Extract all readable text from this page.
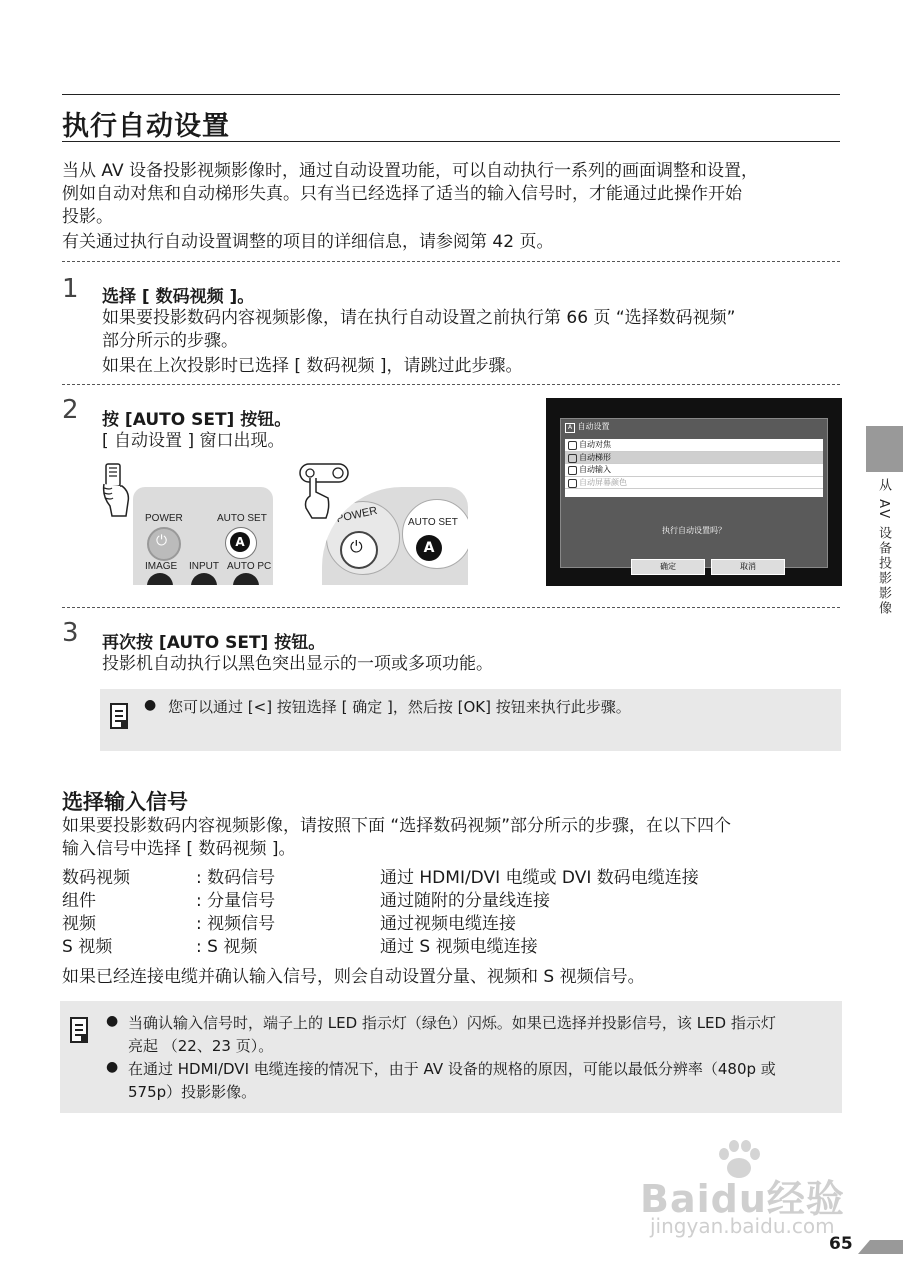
执行自动设置
当从 AV 设备投影视频影像时，通过自动设置功能，可以自动执行一系列的画面调整和设置，
例如自动对焦和自动梯形失真。只有当已经选择了适当的输入信号时，才能通过此操作开始
投影。
有关通过执行自动设置调整的项目的详细信息，请参阅第 42 页。
1 选择 [ 数码视频 ]。
如果要投影数码内容视频影像，请在执行自动设置之前执行第 66 页 “选择数码视频”
部分所示的步骤。
如果在上次投影时已选择 [ 数码视频 ]，请跳过此步骤。
2 按 [AUTO SET] 按钮。
[ 自动设置 ] 窗口出现。
POWER
⏻
AUTO SET
A
IMAGE INPUT AUTO PC
POWER
⏻
AUTO SET
A
A 自动设置
自动对焦
自动梯形
自动输入
自动屏幕颜色
执行自动设置吗？
确定	取消
3 再次按 [AUTO SET] 按钮。
投影机自动执行以黑色突出显示的一项或多项功能。
● 您可以通过 [<] 按钮选择 [ 确定 ]，然后按 [OK] 按钮来执行此步骤。
选择输入信号
如果要投影数码内容视频影像，请按照下面 “选择数码视频”部分所示的步骤，在以下四个
输入信号中选择 [ 数码视频 ]。
数码视频	: 数码信号	通过 HDMI/DVI 电缆或 DVI 数码电缆连接
组件	: 分量信号	通过随附的分量线连接
视频	: 视频信号	通过视频电缆连接
S 视频	: S 视频	通过 S 视频电缆连接
如果已经连接电缆并确认输入信号，则会自动设置分量、视频和 S 视频信号。
● 当确认输入信号时，端子上的 LED 指示灯（绿色）闪烁。如果已选择并投影信号，该 LED 指示灯
亮起 （22、23 页）。
● 在通过 HDMI/DVI 电缆连接的情况下，由于 AV 设备的规格的原因，可能以最低分辨率（480p 或
575p）投影影像。
从 AV 设备投影影像
Baidu经验
jingyan.baidu.com
65
